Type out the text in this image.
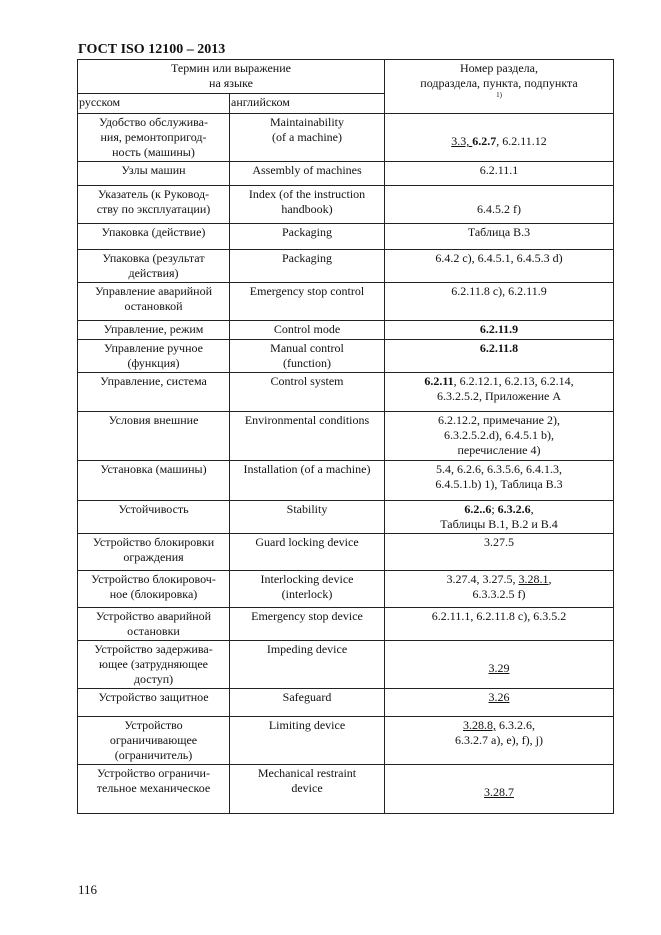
ГОСТ ISO 12100 – 2013
Термин или выражение
на языке		Номер раздела,
подраздела, пункта, подпункта
$^{1)}$

русском	английском	

Удобство обслужива-
ния, ремонтопригод-
ность (машины)	Maintainability
(of a machine)	3.3, 6.2.7, 6.2.11.12

Узлы машин	Assembly of machines	6.2.11.1

Указатель (к Руковод-
ству по эксплуатации)	Index (of the instruction
handbook)	6.4.5.2 f)

Упаковка (действие)	Packaging	Таблица В.3

Упаковка (результат
действия)	Packaging	6.4.2 c), 6.4.5.1, 6.4.5.3 d)

Управление аварийной
остановкой	Emergency stop control	6.2.11.8 c), 6.2.11.9

Управление, режим	Control mode	6.2.11.9

Управление ручное
(функция)	Manual control
(function)	6.2.11.8

Управление, система	Control system	6.2.11, 6.2.12.1, 6.2.13, 6.2.14,
6.3.2.5.2, Приложение А

Условия внешние	Environmental conditions	6.2.12.2, примечание 2),
6.3.2.5.2.d), 6.4.5.1 b),
перечисление 4)

Установка (машины)	Installation (of a machine)	5.4, 6.2.6, 6.3.5.6, 6.4.1.3,
6.4.5.1.b) 1), Таблица В.3

Устойчивость	Stability	6.2..6; 6.3.2.6,
Таблицы В.1, В.2 и В.4

Устройство блокировки
ограждения	Guard locking device	3.27.5

Устройство блокировоч-
ное (блокировка)	Interlocking device
(interlock)	3.27.4, 3.27.5, 3.28.1,
6.3.3.2.5 f)

Устройство аварийной
остановки	Emergency stop device	6.2.11.1, 6.2.11.8 c), 6.3.5.2

Устройство задержива-
ющее (затрудняющее
доступ)	Impeding device	3.29

Устройство защитное	Safeguard	3.26

Устройство
ограничивающее
(ограничитель)	Limiting device	3.28.8, 6.3.2.6,
6.3.2.7 a), e), f), j)

Устройство ограничи-
тельное механическое	Mechanical restraint
device	3.28.7
116
